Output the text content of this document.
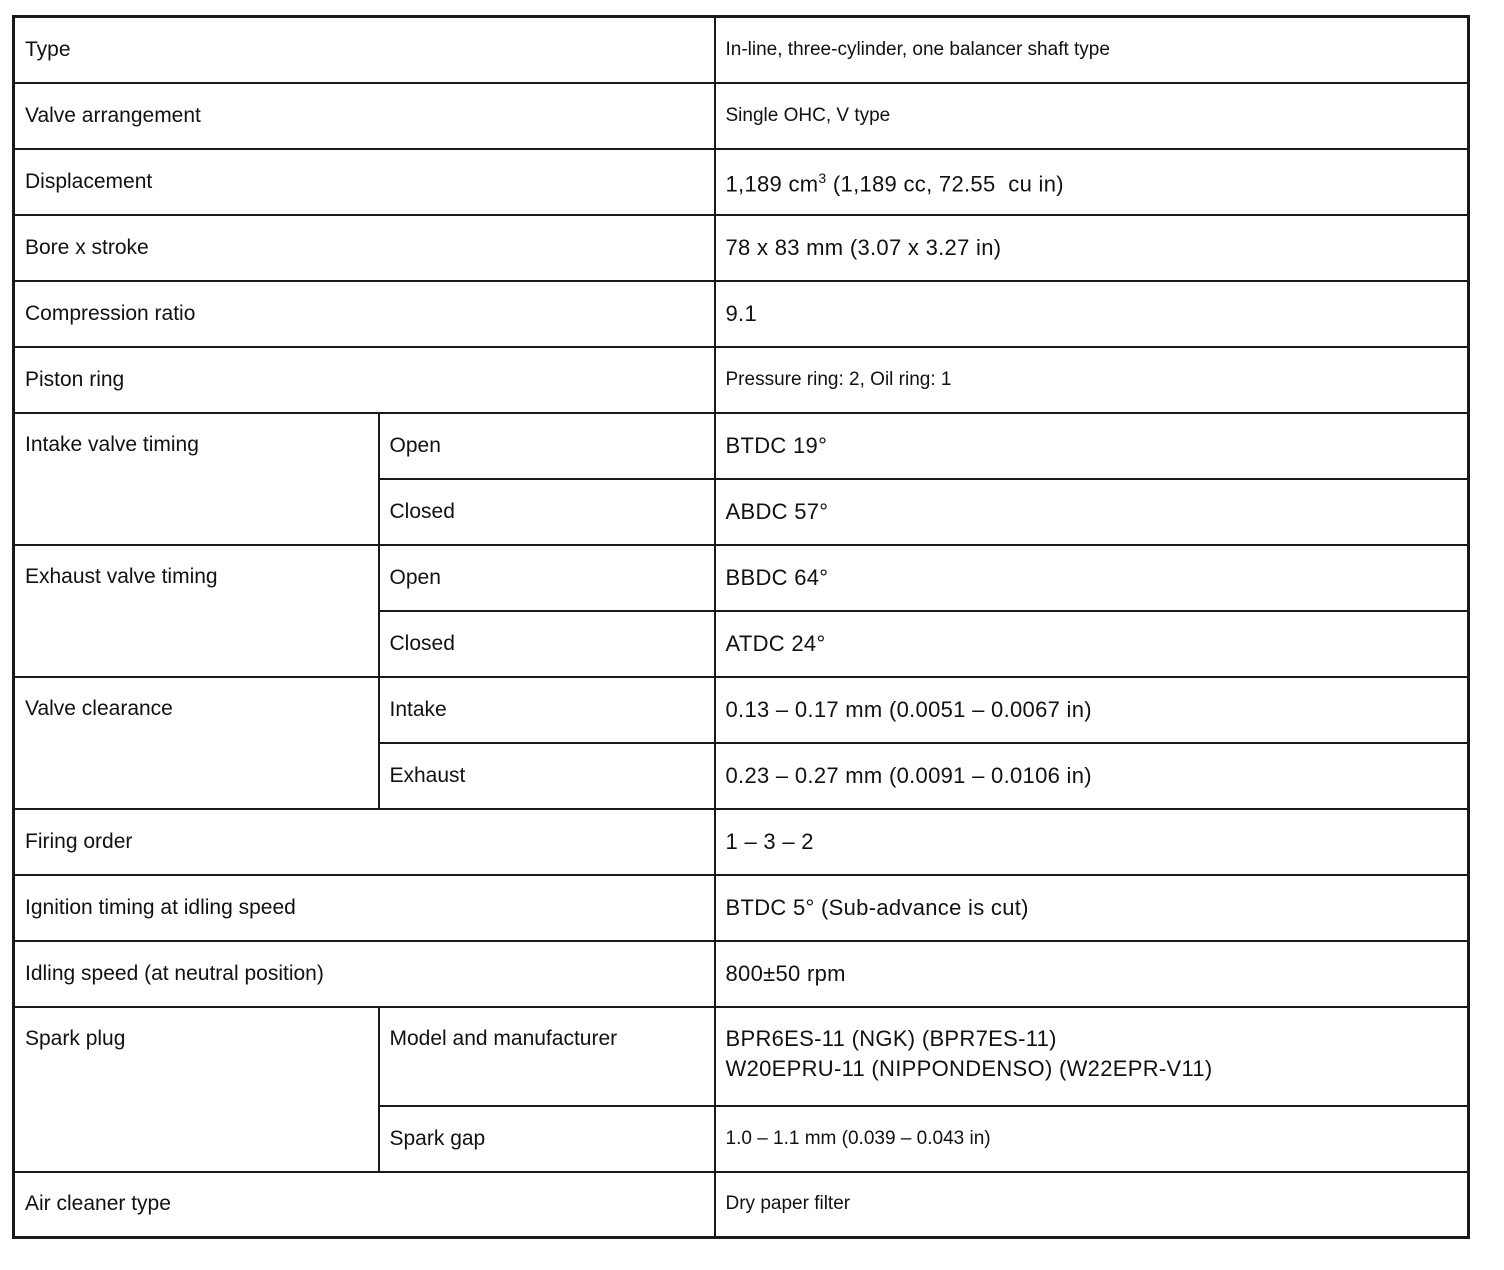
Type		In-line, three-cylinder, one balancer shaft type
Valve arrangement		Single OHC, V type
Displacement		1,189 $cm^3$ (1,189 cc, 72.55  cu in)
Bore x stroke		78 x 83 mm (3.07 x 3.27 in)
Compression ratio		9.1
Piston ring		Pressure ring: 2, Oil ring: 1
Intake valve timing	Open	BTDC 19°
	Closed	ABDC 57°
Exhaust valve timing	Open	BBDC 64°
	Closed	ATDC 24°
Valve clearance	Intake	0.13 – 0.17 mm (0.0051 – 0.0067 in)
	Exhaust	0.23 – 0.27 mm (0.0091 – 0.0106 in)
Firing order		1 – 3 – 2
Ignition timing at idling speed		BTDC 5° (Sub-advance is cut)
Idling speed (at neutral position)		800±50 rpm
Spark plug	Model and manufacturer	BPR6ES-11 (NGK) (BPR7ES-11)
W20EPRU-11 (NIPPONDENSO) (W22EPR-V11)

	Spark gap	1.0 – 1.1 mm (0.039 – 0.043 in)
Air cleaner type		Dry paper filter
